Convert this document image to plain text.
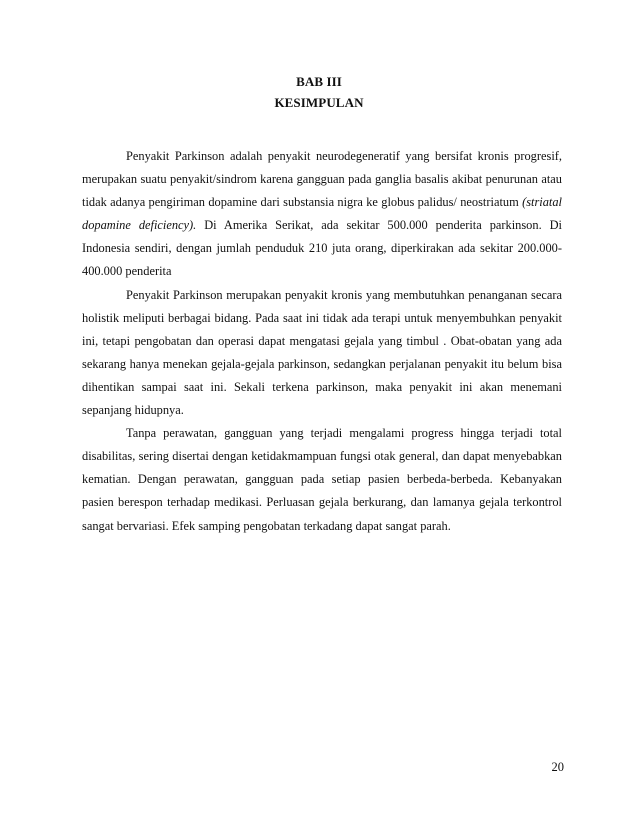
BAB III
KESIMPULAN

Penyakit Parkinson adalah penyakit neurodegeneratif yang bersifat kronis progresif, merupakan suatu penyakit/sindrom karena gangguan pada ganglia basalis akibat penurunan atau tidak adanya pengiriman dopamine dari substansia nigra ke globus palidus/ neostriatum (striatal dopamine deficiency). Di Amerika Serikat, ada sekitar 500.000 penderita parkinson. Di Indonesia sendiri, dengan jumlah penduduk 210 juta orang, diperkirakan ada sekitar 200.000-400.000 penderita

Penyakit Parkinson merupakan penyakit kronis yang membutuhkan penanganan secara holistik meliputi berbagai bidang. Pada saat ini tidak ada terapi untuk menyembuhkan penyakit ini, tetapi pengobatan dan operasi dapat mengatasi gejala yang timbul . Obat-obatan yang ada sekarang hanya menekan gejala-gejala parkinson, sedangkan perjalanan penyakit itu belum bisa dihentikan sampai saat ini. Sekali terkena parkinson, maka penyakit ini akan menemani sepanjang hidupnya.

Tanpa perawatan, gangguan yang terjadi mengalami progress hingga terjadi total disabilitas, sering disertai dengan ketidakmampuan fungsi otak general, dan dapat menyebabkan kematian. Dengan perawatan, gangguan pada setiap pasien berbeda-berbeda. Kebanyakan pasien berespon terhadap medikasi. Perluasan gejala berkurang, dan lamanya gejala terkontrol sangat bervariasi. Efek samping pengobatan terkadang dapat sangat parah.

20
